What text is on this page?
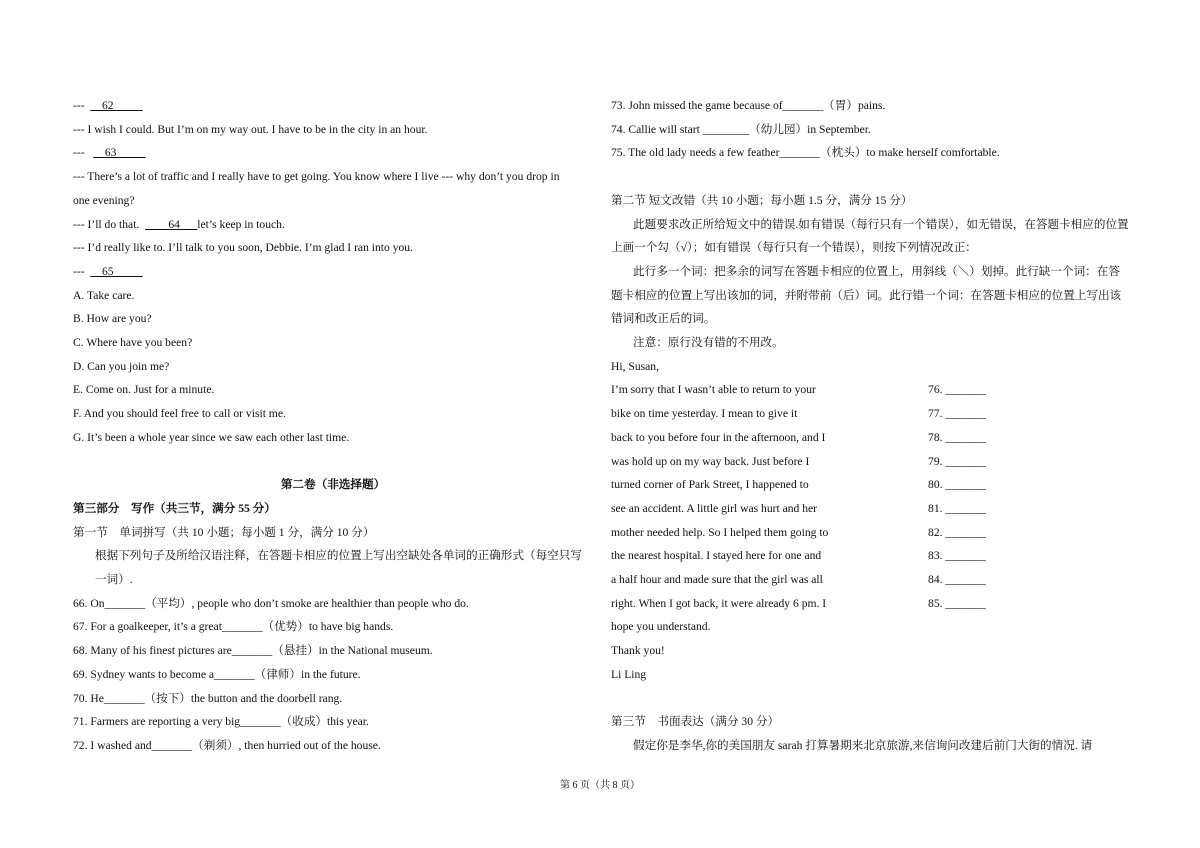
---  __62_____
--- I wish I could. But I’m on my way out. I have to be in the city in an hour.
---   __63_____
--- There’s a lot of traffic and I really have to get going. You know where I live --- why don’t you drop in
one evening?
--- I’ll do that.  ____64___let’s keep in touch.
--- I’d really like to. I’ll talk to you soon, Debbie. I’m glad I ran into you.
---  __65_____
A. Take care.
B. How are you?
C. Where have you been?
D. Can you join me?
E. Come on. Just for a minute.
F. And you should feel free to call or visit me.
G. It’s been a whole year since we saw each other last time.
第二卷（非选择题）
第三部分　写作（共三节，满分 55 分）
第一节　单词拼写（共 10 小题；每小题 1 分，满分 10 分）
根据下列句子及所给汉语注释，在答题卡相应的位置上写出空缺处各单词的正确形式（每空只写一词）.
66. On_______（平均）, people who don’t smoke are healthier than people who do.
67. For a goalkeeper, it’s a great_______（优势）to have big hands.
68. Many of his finest pictures are_______（悬挂）in the National museum.
69. Sydney wants to become a_______（律师）in the future.
70. He_______（按下）the button and the doorbell rang.
71. Farmers are reporting a very big_______（收成）this year.
72. I washed and_______（剃须）, then hurried out of the house.
73. John missed the game because of_______（胃）pains.
74. Callie will start ________（幼儿园）in September.
75. The old lady needs a few feather_______（枕头）to make herself comfortable.
第二节 短文改错（共 10 小题；每小题 1.5 分，满分 15 分）
此题要求改正所给短文中的错误.如有错误（每行只有一个错误），如无错误，在答题卡相应的位置上画一个勾（√）；如有错误（每行只有一个错误），则按下列情况改正：
此行多一个词：把多余的词写在答题卡相应的位置上，用斜线（＼）划掉。此行缺一个词：在答题卡相应的位置上写出该加的词，并附带前（后）词。此行错一个词：在答题卡相应的位置上写出该错词和改正后的词。
注意：原行没有错的不用改。
Hi, Susan,
I’m sorry that I wasn’t able to return to your	76. _______
bike on time yesterday. I mean to give it	77. _______
back to you before four in the afternoon, and I	78. _______
was hold up on my way back. Just before I	79. _______
turned corner of Park Street, I happened to	80. _______
see an accident. A little girl was hurt and her	81. _______
mother needed help. So I helped them going to	82. _______
the nearest hospital. I stayed here for one and	83. _______
a half hour and made sure that the girl was all	84. _______
right. When I got back, it were already 6 pm. I	85. _______
hope you understand.
Thank you!
Li Ling
第三节　书面表达（满分 30 分）
假定你是李华,你的美国朋友 sarah 打算暑期来北京旅游,来信询问改建后前门大街的情况. 请
第 6 页（共 8 页）
